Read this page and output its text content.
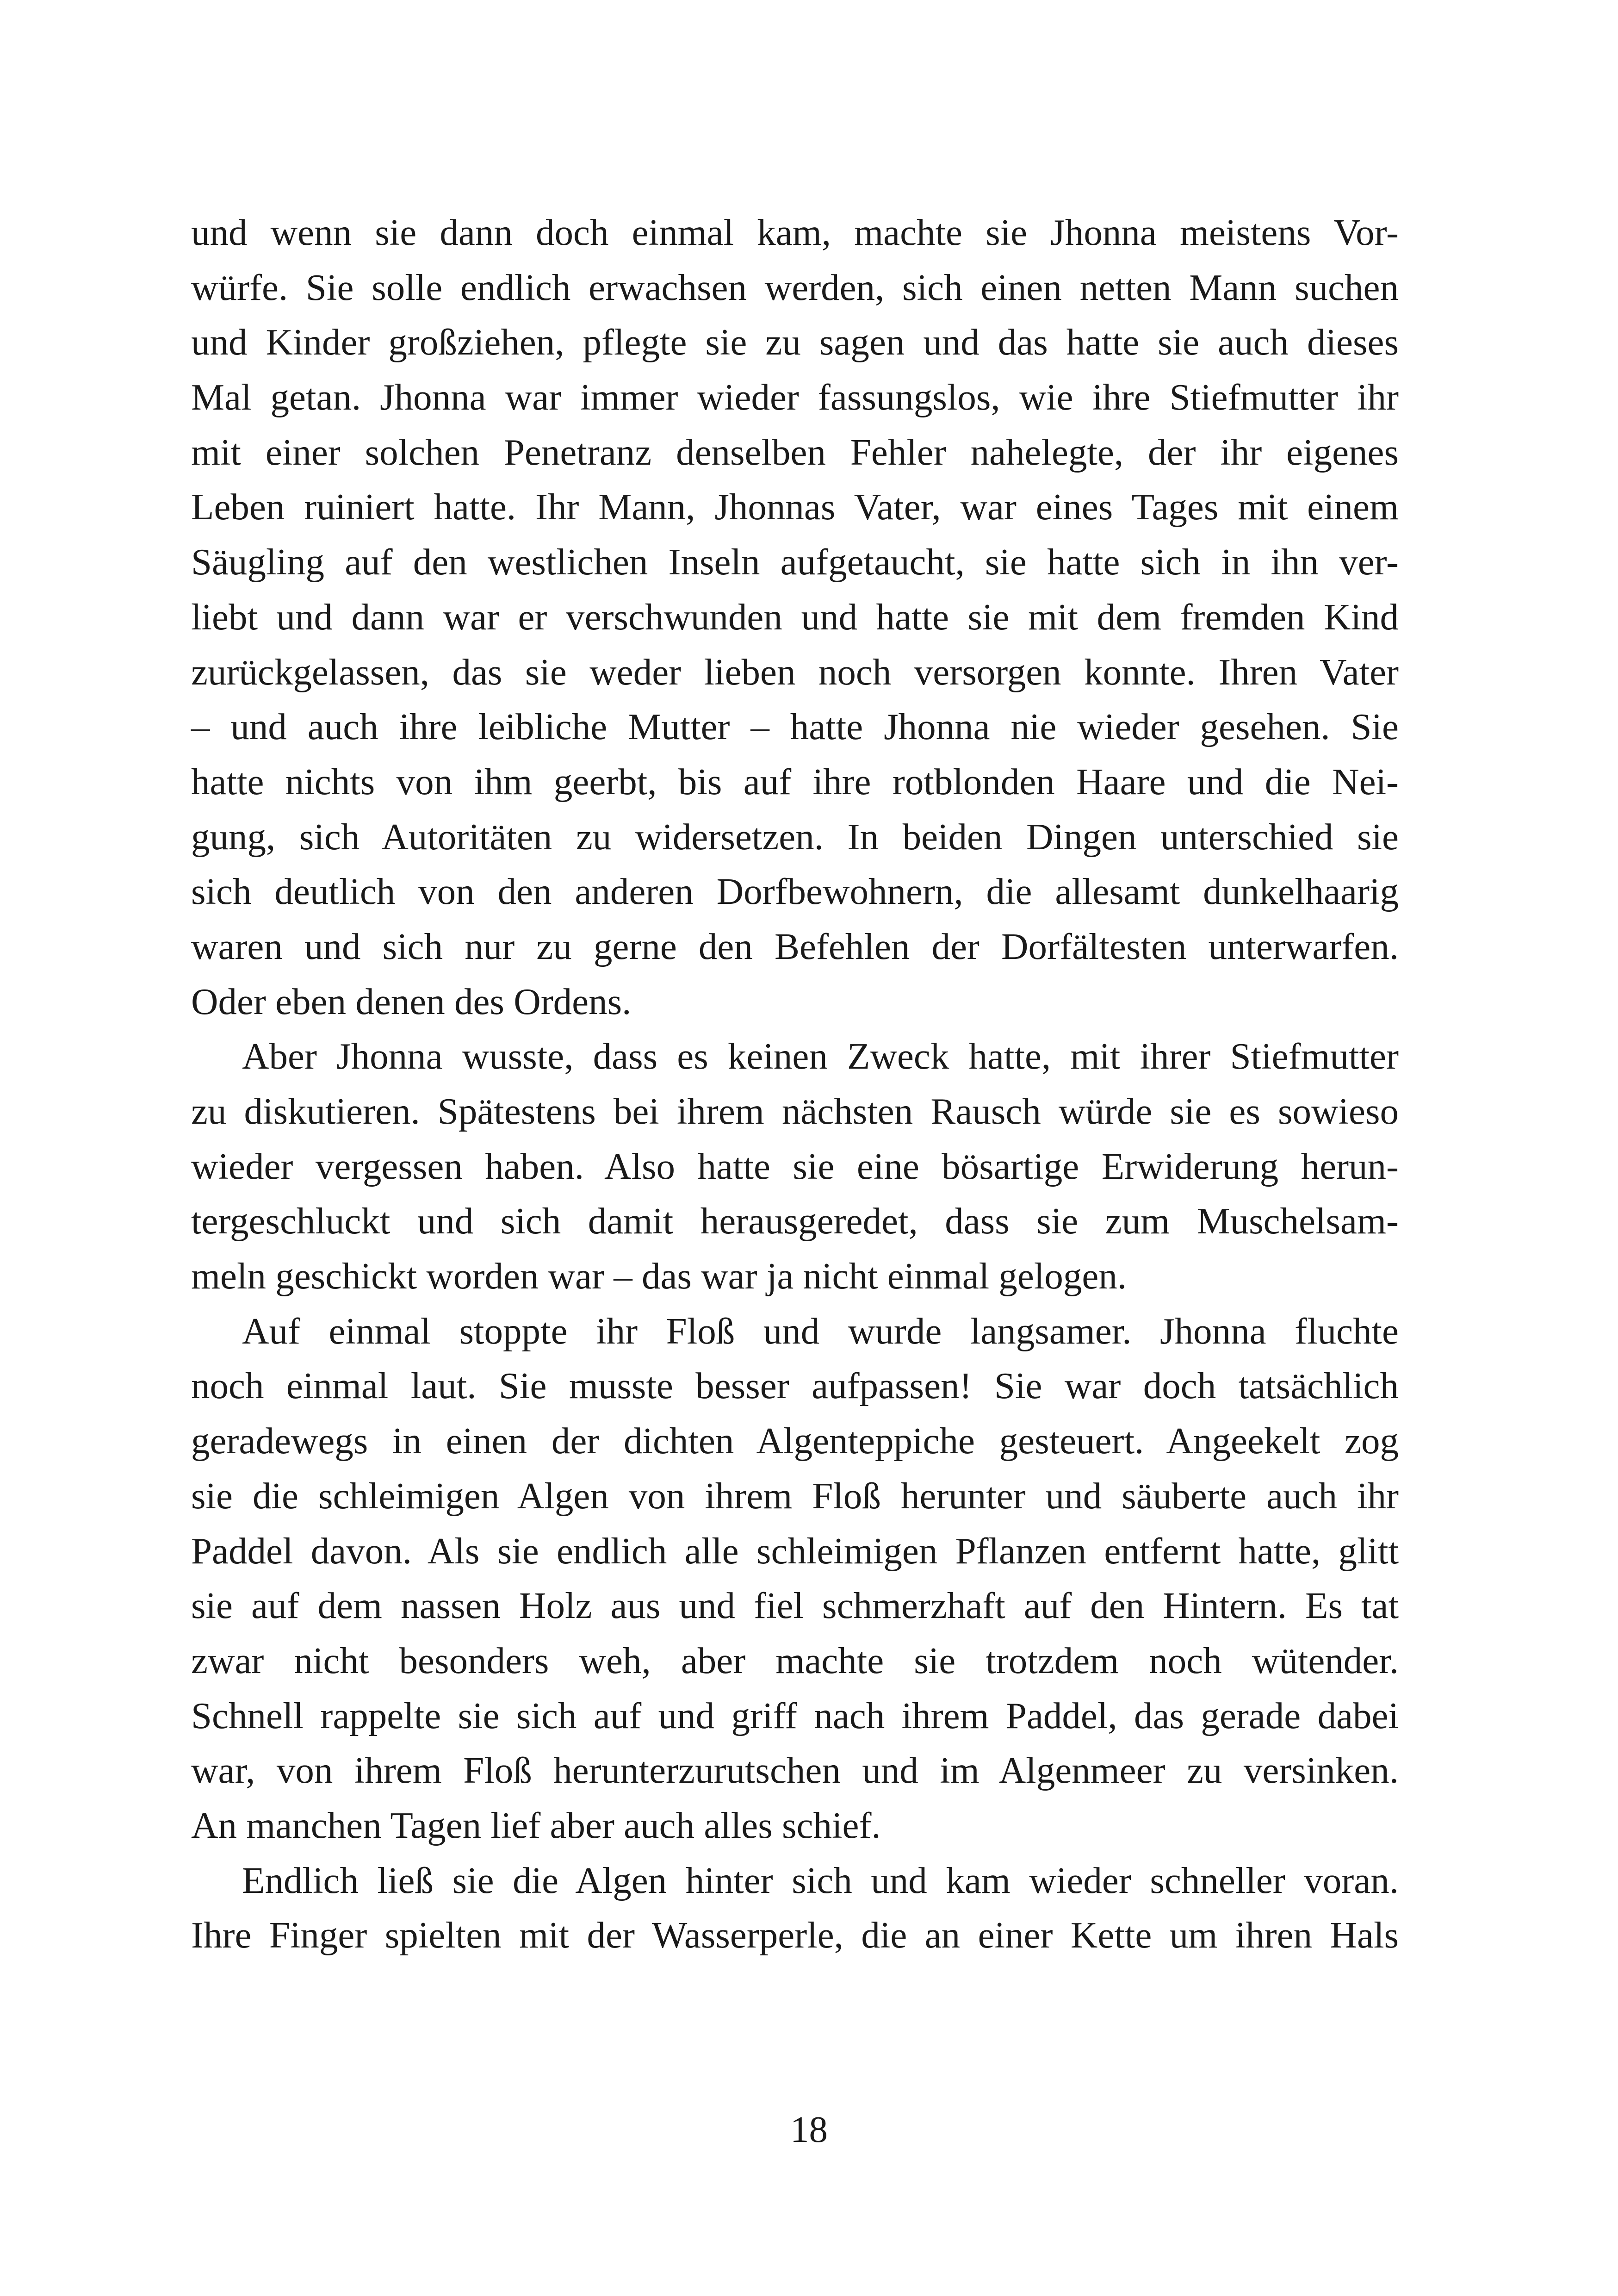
und wenn sie dann doch einmal kam, machte sie Jhonna meistens Vor-
würfe. Sie solle endlich erwachsen werden, sich einen netten Mann suchen
und Kinder großziehen, pflegte sie zu sagen und das hatte sie auch dieses
Mal getan. Jhonna war immer wieder fassungslos, wie ihre Stiefmutter ihr
mit einer solchen Penetranz denselben Fehler nahelegte, der ihr eigenes
Leben ruiniert hatte. Ihr Mann, Jhonnas Vater, war eines Tages mit einem
Säugling auf den westlichen Inseln aufgetaucht, sie hatte sich in ihn ver-
liebt und dann war er verschwunden und hatte sie mit dem fremden Kind
zurückgelassen, das sie weder lieben noch versorgen konnte. Ihren Vater
– und auch ihre leibliche Mutter – hatte Jhonna nie wieder gesehen. Sie
hatte nichts von ihm geerbt, bis auf ihre rotblonden Haare und die Nei-
gung, sich Autoritäten zu widersetzen. In beiden Dingen unterschied sie
sich deutlich von den anderen Dorfbewohnern, die allesamt dunkelhaarig
waren und sich nur zu gerne den Befehlen der Dorfältesten unterwarfen.
Oder eben denen des Ordens.
Aber Jhonna wusste, dass es keinen Zweck hatte, mit ihrer Stiefmutter
zu diskutieren. Spätestens bei ihrem nächsten Rausch würde sie es sowieso
wieder vergessen haben. Also hatte sie eine bösartige Erwiderung herun-
tergeschluckt und sich damit herausgeredet, dass sie zum Muschelsam-
meln geschickt worden war – das war ja nicht einmal gelogen.
Auf einmal stoppte ihr Floß und wurde langsamer. Jhonna fluchte
noch einmal laut. Sie musste besser aufpassen! Sie war doch tatsächlich
geradewegs in einen der dichten Algenteppiche gesteuert. Angeekelt zog
sie die schleimigen Algen von ihrem Floß herunter und säuberte auch ihr
Paddel davon. Als sie endlich alle schleimigen Pflanzen entfernt hatte, glitt
sie auf dem nassen Holz aus und fiel schmerzhaft auf den Hintern. Es tat
zwar nicht besonders weh, aber machte sie trotzdem noch wütender.
Schnell rappelte sie sich auf und griff nach ihrem Paddel, das gerade dabei
war, von ihrem Floß herunterzurutschen und im Algenmeer zu versinken.
An manchen Tagen lief aber auch alles schief.
Endlich ließ sie die Algen hinter sich und kam wieder schneller voran.
Ihre Finger spielten mit der Wasserperle, die an einer Kette um ihren Hals
18
